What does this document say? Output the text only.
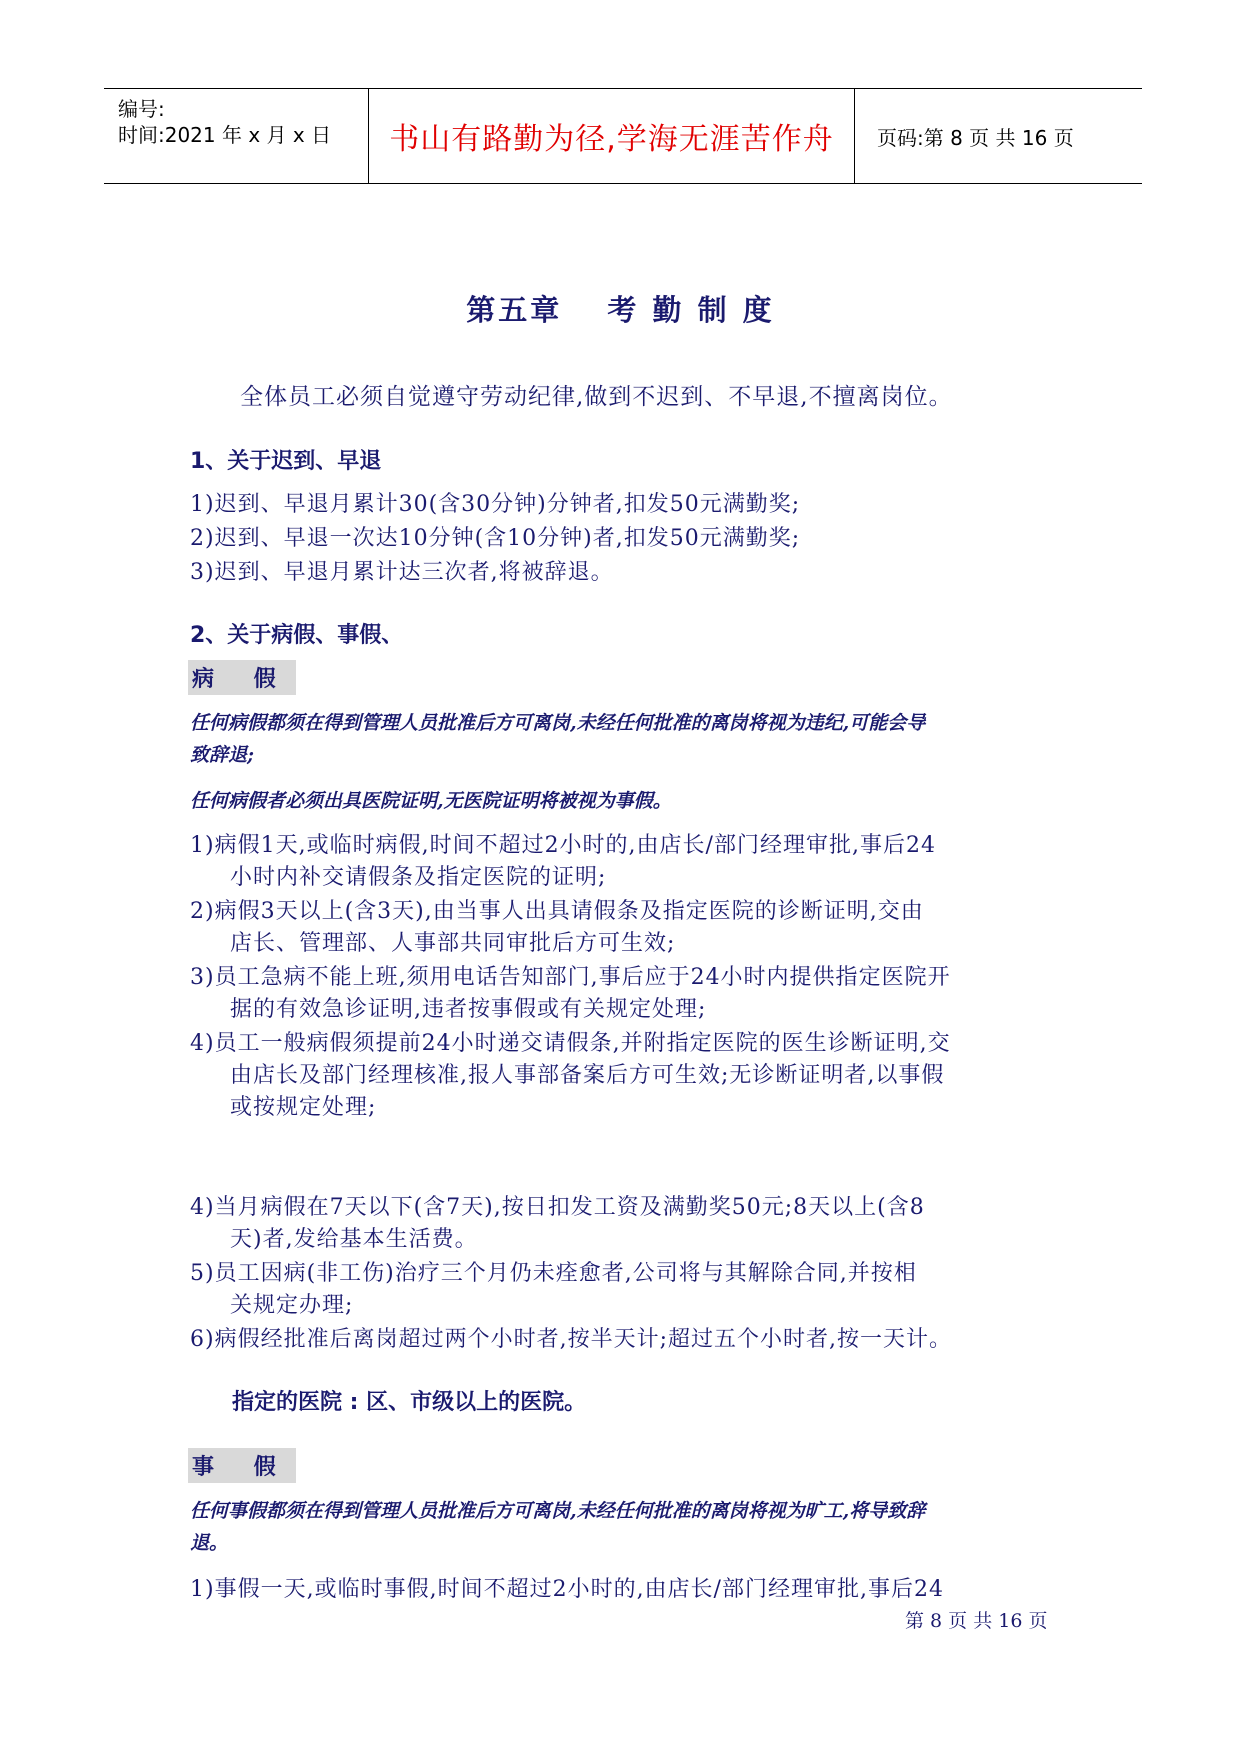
编号:
时间:2021 年 x 月 x 日 书山有路勤为径,学海无涯苦作舟 页码:第 8 页 共 16 页
第五章　 考 勤 制 度
全体员工必须自觉遵守劳动纪律,做到不迟到、不早退,不擅离岗位。
1、关于迟到、早退
1)迟到、早退月累计30(含30分钟)分钟者,扣发50元满勤奖;
2)迟到、早退一次达10分钟(含10分钟)者,扣发50元满勤奖;
3)迟到、早退月累计达三次者,将被辞退。
2、关于病假、事假、
病 假
任何病假都须在得到管理人员批准后方可离岗,未经任何批准的离岗将视为违纪,可能会导
致辞退;
任何病假者必须出具医院证明,无医院证明将被视为事假。
1)病假1天,或临时病假,时间不超过2小时的,由店长/部门经理审批,事后24
小时内补交请假条及指定医院的证明;
2)病假3天以上(含3天),由当事人出具请假条及指定医院的诊断证明,交由
店长、管理部、人事部共同审批后方可生效;
3)员工急病不能上班,须用电话告知部门,事后应于24小时内提供指定医院开
据的有效急诊证明,违者按事假或有关规定处理;
4)员工一般病假须提前24小时递交请假条,并附指定医院的医生诊断证明,交
由店长及部门经理核准,报人事部备案后方可生效;无诊断证明者,以事假
或按规定处理;
4)当月病假在7天以下(含7天),按日扣发工资及满勤奖50元;8天以上(含8
天)者,发给基本生活费。
5)员工因病(非工伤)治疗三个月仍未痊愈者,公司将与其解除合同,并按相
关规定办理;
6)病假经批准后离岗超过两个小时者,按半天计;超过五个小时者,按一天计。
指定的医院 : 区、市级以上的医院。
事 假
任何事假都须在得到管理人员批准后方可离岗,未经任何批准的离岗将视为旷工,将导致辞
退。
1)事假一天,或临时事假,时间不超过2小时的,由店长/部门经理审批,事后24
第 8 页 共 16 页
